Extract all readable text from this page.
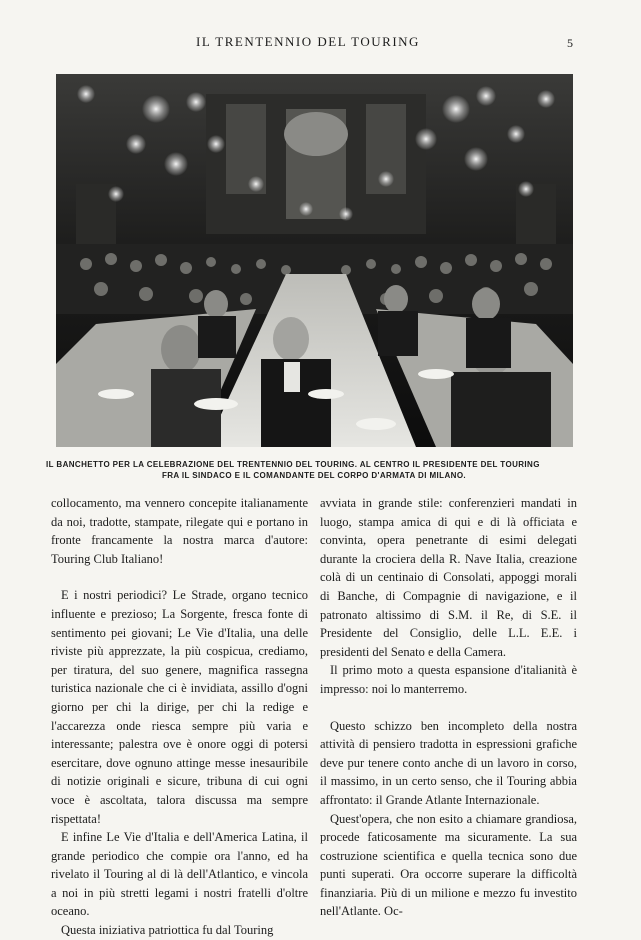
IL TRENTENNIO DEL TOURING	5
IL BANCHETTO PER LA CELEBRAZIONE DEL TRENTENNIO DEL TOURING. AL CENTRO IL PRESIDENTE DEL TOURING
FRA IL SINDACO E IL COMANDANTE DEL CORPO D'ARMATA DI MILANO.

collocamento, ma vennero concepite italianamente da noi, tradotte, stampate, rilegate qui e portano in fronte francamente la nostra marca d'autore: Touring Club Italiano!

E i nostri periodici? Le Strade, organo tecnico influente e prezioso; La Sorgente, fresca fonte di sentimento pei giovani; Le Vie d'Italia, una delle riviste più apprezzate, la più cospicua, crediamo, per tiratura, del suo genere, magnifica rassegna turistica nazionale che ci è invidiata, assillo d'ogni giorno per chi la dirige, per chi la redige e l'accarezza onde riesca sempre più varia e interessante; palestra ove è onore oggi di potersi esercitare, dove ognuno attinge messe inesauribile di notizie originali e sicure, tribuna di cui ogni voce è ascoltata, talora discussa ma sempre rispettata!

E infine Le Vie d'Italia e dell'America Latina, il grande periodico che compie ora l'anno, ed ha rivelato il Touring al di là dell'Atlantico, e vincola a noi in più stretti legami i nostri fratelli d'oltre oceano.

Questa iniziativa patriottica fu dal Touring

avviata in grande stile: conferenzieri mandati in luogo, stampa amica di qui e di là officiata e convinta, opera penetrante di esimi delegati durante la crociera della R. Nave Italia, creazione colà di un centinaio di Consolati, appoggi morali di Banche, di Compagnie di navigazione, e il patronato altissimo di S.M. il Re, di S.E. il Presidente del Consiglio, delle L.L. E.E. i presidenti del Senato e della Camera.

Il primo moto a questa espansione d'italianità è impresso: noi lo manterremo.

Questo schizzo ben incompleto della nostra attività di pensiero tradotta in espressioni grafiche deve pur tenere conto anche di un lavoro in corso, il massimo, in un certo senso, che il Touring abbia affrontato: il Grande Atlante Internazionale.

Quest'opera, che non esito a chiamare grandiosa, procede faticosamente ma sicuramente. La sua costruzione scientifica e quella tecnica sono due punti superati. Ora occorre superare la difficoltà finanziaria. Più di un milione e mezzo fu investito nell'Atlante. Oc-
